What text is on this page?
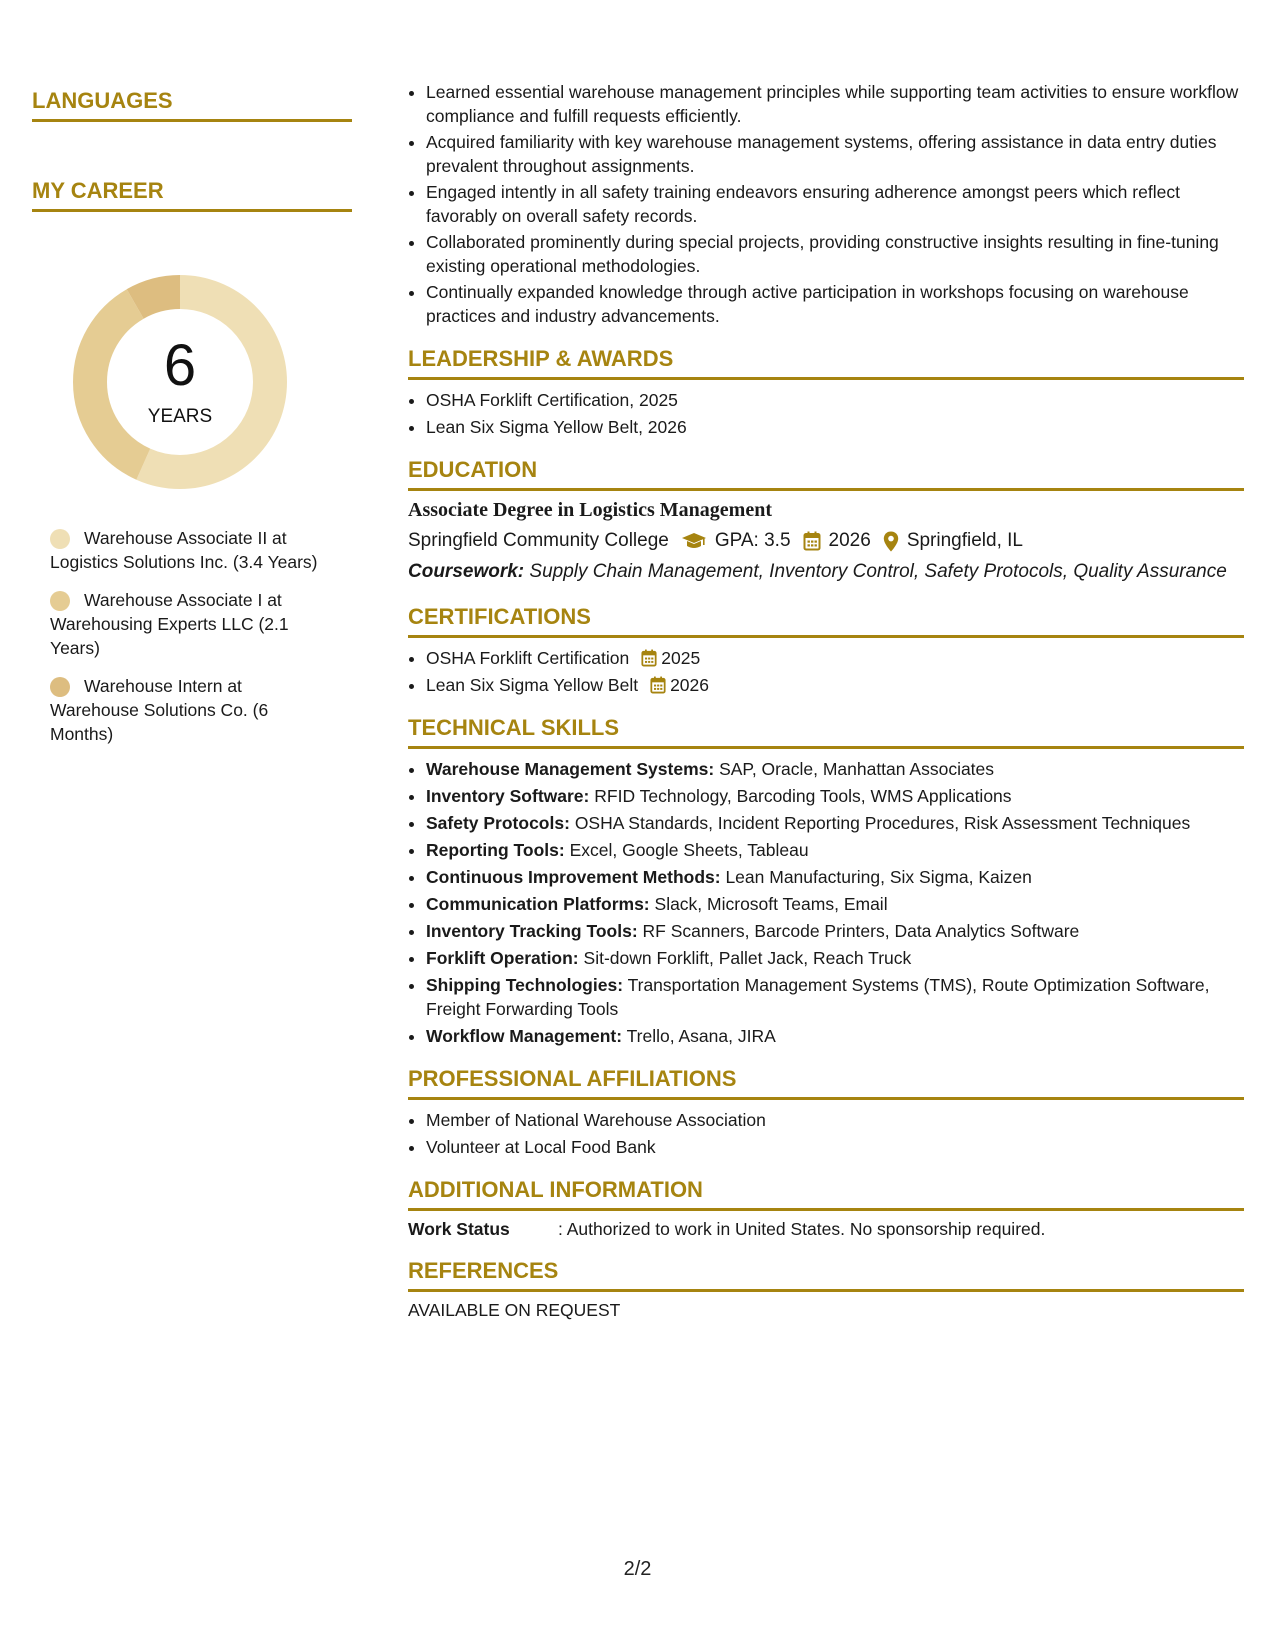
LANGUAGES
MY CAREER
6
YEARS
Warehouse Associate II at Logistics Solutions Inc. (3.4 Years)
Warehouse Associate I at Warehousing Experts LLC (2.1 Years)
Warehouse Intern at Warehouse Solutions Co. (6 Months)
• Learned essential warehouse management principles while supporting team activities to ensure workflow compliance and fulfill requests efficiently.
• Acquired familiarity with key warehouse management systems, offering assistance in data entry duties prevalent throughout assignments.
• Engaged intently in all safety training endeavors ensuring adherence amongst peers which reflect favorably on overall safety records.
• Collaborated prominently during special projects, providing constructive insights resulting in fine-tuning existing operational methodologies.
• Continually expanded knowledge through active participation in workshops focusing on warehouse practices and industry advancements.
LEADERSHIP & AWARDS
• OSHA Forklift Certification, 2025
• Lean Six Sigma Yellow Belt, 2026
EDUCATION
Associate Degree in Logistics Management
Springfield Community College GPA: 3.5 2026 Springfield, IL
Coursework: Supply Chain Management, Inventory Control, Safety Protocols, Quality Assurance
CERTIFICATIONS
• OSHA Forklift Certification 2025
• Lean Six Sigma Yellow Belt 2026
TECHNICAL SKILLS
• Warehouse Management Systems: SAP, Oracle, Manhattan Associates
• Inventory Software: RFID Technology, Barcoding Tools, WMS Applications
• Safety Protocols: OSHA Standards, Incident Reporting Procedures, Risk Assessment Techniques
• Reporting Tools: Excel, Google Sheets, Tableau
• Continuous Improvement Methods: Lean Manufacturing, Six Sigma, Kaizen
• Communication Platforms: Slack, Microsoft Teams, Email
• Inventory Tracking Tools: RF Scanners, Barcode Printers, Data Analytics Software
• Forklift Operation: Sit-down Forklift, Pallet Jack, Reach Truck
• Shipping Technologies: Transportation Management Systems (TMS), Route Optimization Software, Freight Forwarding Tools
• Workflow Management: Trello, Asana, JIRA
PROFESSIONAL AFFILIATIONS
• Member of National Warehouse Association
• Volunteer at Local Food Bank
ADDITIONAL INFORMATION
Work Status	: Authorized to work in United States. No sponsorship required.
REFERENCES
AVAILABLE ON REQUEST
2/2
